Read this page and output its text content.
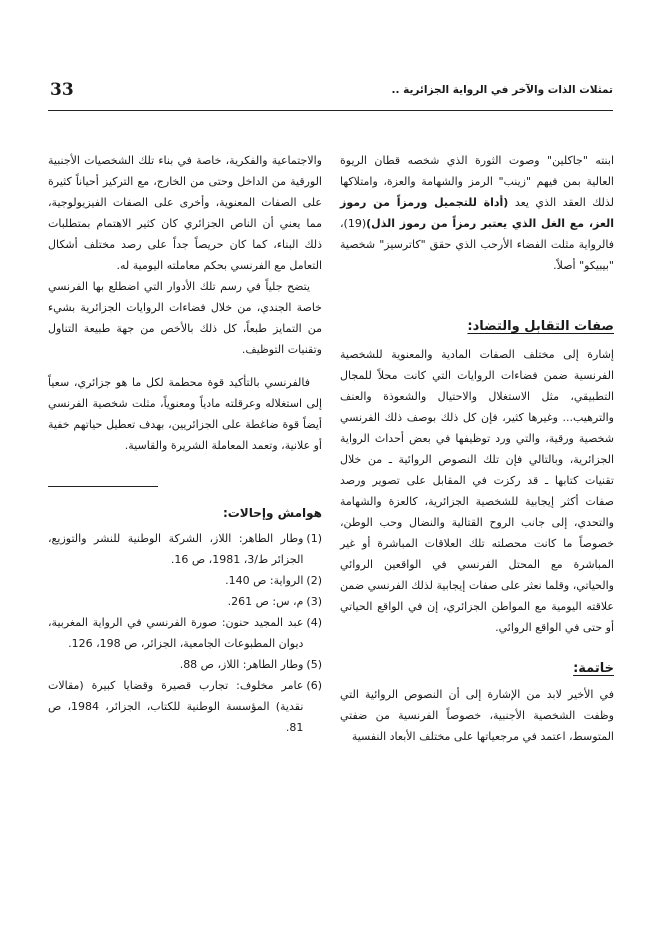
33	تمثلات الذات والآخر في الرواية الجزائرية ..

ابنته "جاكلين" وصوت الثورة الذي شخصه قطان الريوة العالية بمن فيهم "زينب" الرمز والشهامة والعزة، وامتلاكها لذلك العقد الذي يعد (أداة للتجميل ورمزاً من رموز العز، مع الغل الذي يعتبر رمزاً من رموز الذل)(19)، فالرواية مثلت الفضاء الأرحب الذي حقق "كاترسيز" شخصية "بيبيكو" أصلاً.

صفات التقابل والتضاد:

إشارة إلى مختلف الصفات المادية والمعنوية للشخصية الفرنسية ضمن فضاءات الروايات التي كانت محلاً للمجال التطبيقي، مثل الاستغلال والاحتيال والشعوذة والعنف والترهيب... وغيرها كثير، فإن كل ذلك بوصف ذلك الفرنسي شخصية ورقية، والتي ورد توظيفها في بعض أحداث الرواية الجزائرية، وبالتالي فإن تلك النصوص الروائية ـ من خلال تقنيات كتابها ـ قد ركزت في المقابل على تصوير ورصد صفات أكثر إيجابية للشخصية الجزائرية، كالعزة والشهامة والتحدي، إلى جانب الروح القتالية والنضال وحب الوطن، خصوصاً ما كانت محصلته تلك العلاقات المباشرة أو غير المباشرة مع المحتل الفرنسي في الواقعين الروائي والحياتي، وقلما نعثر على صفات إيجابية لذلك الفرنسي ضمن علاقته اليومية مع المواطن الجزائري، إن في الواقع الحياتي أو حتى في الواقع الروائي.

خاتمة:

في الأخير لابد من الإشارة إلى أن النصوص الروائية التي وظفت الشخصية الأجنبية، خصوصاً الفرنسية من ضفتي المتوسط، اعتمد في مرجعياتها على مختلف الأبعاد النفسية

والاجتماعية والفكرية، خاصة في بناء تلك الشخصيات الأجنبية الورقية من الداخل وحتى من الخارج، مع التركيز أحياناً كثيرة على الصفات المعنوية، وأخرى على الصفات الفيزيولوجية، مما يعني أن الناص الجزائري كان كثير الاهتمام بمتطلبات ذلك البناء، كما كان حريصاً جداً على رصد مختلف أشكال التعامل مع الفرنسي بحكم معاملته اليومية له.

يتضح جلياً في رسم تلك الأدوار التي اضطلع بها الفرنسي خاصة الجندي، من خلال فضاءات الروايات الجزائرية بشيء من التمايز طبعاً، كل ذلك بالأخص من جهة طبيعة التناول وتقنيات التوظيف.

فالفرنسي بالتأكيد قوة محطمة لكل ما هو جزائري، سعياً إلى استغلاله وعرقلته مادياً ومعنوياً، مثلت شخصية الفرنسي أيضاً قوة ضاغطة على الجزائريين، بهدف تعطيل حياتهم خفية أو علانية، وتعمد المعاملة الشريرة والقاسية.

هوامش وإحالات:
(1)
وطار الطاهر: اللاز، الشركة الوطنية للنشر والتوزيع، الجزائر ط/3، 1981، ص 16.
(2)
الرواية: ص 140.
(3)
م، س: ص 261.
(4)
عبد المجيد حنون: صورة الفرنسي في الرواية المغربية، ديوان المطبوعات الجامعية، الجزائر، ص 198، 126.
(5)
وطار الطاهر: اللاز، ص 88.
(6)
عامر مخلوف: تجارب قصيرة وقضايا كبيرة (مقالات نقدية) المؤسسة الوطنية للكتاب، الجزائر، 1984، ص 81.
